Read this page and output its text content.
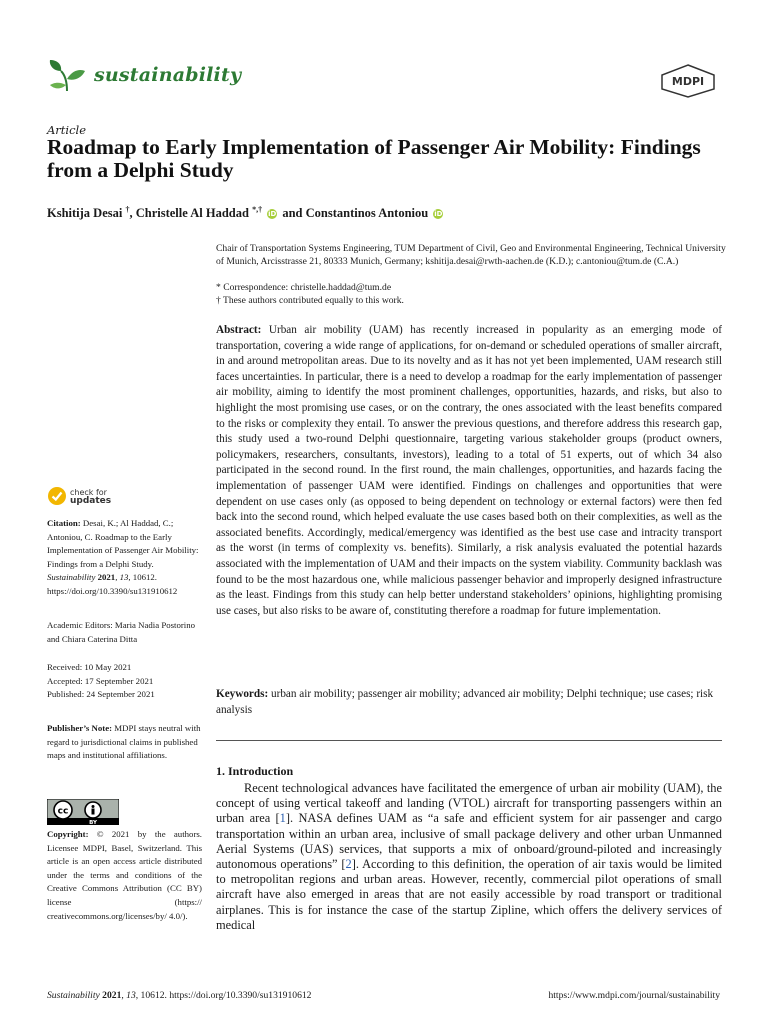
sustainability	MDPI
Article
Roadmap to Early Implementation of Passenger Air Mobility: Findings from a Delphi Study
Kshitija Desai †, Christelle Al Haddad *,† iD and Constantinos Antoniou iD
Chair of Transportation Systems Engineering, TUM Department of Civil, Geo and Environmental Engineering, Technical University of Munich, Arcisstrasse 21, 80333 Munich, Germany; kshitija.desai@rwth-aachen.de (K.D.); c.antoniou@tum.de (C.A.)
* Correspondence: christelle.haddad@tum.de
† These authors contributed equally to this work.
Abstract: Urban air mobility (UAM) has recently increased in popularity as an emerging mode of transportation, covering a wide range of applications, for on-demand or scheduled operations of smaller aircraft, in and around metropolitan areas. Due to its novelty and as it has not yet been implemented, UAM research still faces uncertainties. In particular, there is a need to develop a roadmap for the early implementation of passenger air mobility, aiming to identify the most prominent challenges, opportunities, hazards, and risks, but also to highlight the most promising use cases, or on the contrary, the ones associated with the least benefits compared to the risks or complexity they entail. To answer the previous questions, and therefore address this research gap, this study used a two-round Delphi questionnaire, targeting various stakeholder groups (product owners, policymakers, researchers, consultants, investors), leading to a total of 51 experts, out of which 34 also participated in the second round. In the first round, the main challenges, opportunities, and hazards facing the implementation of passenger UAM were identified. Findings on challenges and opportunities that were dependent on use cases only (as opposed to being dependent on technology or external factors) were then fed back into the second round, which helped evaluate the use cases based both on their complexities, as well as the associated benefits. Accordingly, medical/emergency was identified as the best use case and intracity transport as the worst (in terms of complexity vs. benefits). Similarly, a risk analysis evaluated the potential hazards associated with the implementation of UAM and their impacts on the system viability. Community backlash was found to be the most hazardous one, while malicious passenger behavior and improperly designed infrastructure as the least. Findings from this study can help better understand stakeholders’ opinions, highlighting promising use cases, but also risks to be aware of, constituting therefore a roadmap for future implementation.
Keywords: urban air mobility; passenger air mobility; advanced air mobility; Delphi technique; use cases; risk analysis
1. Introduction
Recent technological advances have facilitated the emergence of urban air mobility (UAM), the concept of using vertical takeoff and landing (VTOL) aircraft for transporting passengers within an urban area [1]. NASA defines UAM as “a safe and efficient system for air passenger and cargo transportation within an urban area, inclusive of small package delivery and other urban Unmanned Aerial Systems (UAS) services, that supports a mix of onboard/ground-piloted and increasingly autonomous operations” [2]. According to this definition, the operation of air taxis would be limited to metropolitan regions and urban areas. However, recently, commercial pilot operations of small aircraft have also emerged in areas that are not easily accessible by road transport or traditional airplanes. This is for instance the case of the startup Zipline, which offers the delivery services of medical
check for
updates
Citation: Desai, K.; Al Haddad, C.; Antoniou, C. Roadmap to the Early Implementation of Passenger Air Mobility: Findings from a Delphi Study. Sustainability 2021, 13, 10612. https://doi.org/10.3390/su131910612
Academic Editors: Maria Nadia Postorino and Chiara Caterina Ditta
Received: 10 May 2021
Accepted: 17 September 2021
Published: 24 September 2021
Publisher’s Note: MDPI stays neutral with regard to jurisdictional claims in published maps and institutional affiliations.
cc
BY
Copyright: © 2021 by the authors. Licensee MDPI, Basel, Switzerland. This article is an open access article distributed under the terms and conditions of the Creative Commons Attribution (CC BY) license (https:// creativecommons.org/licenses/by/ 4.0/).
Sustainability 2021, 13, 10612. https://doi.org/10.3390/su131910612	https://www.mdpi.com/journal/sustainability
